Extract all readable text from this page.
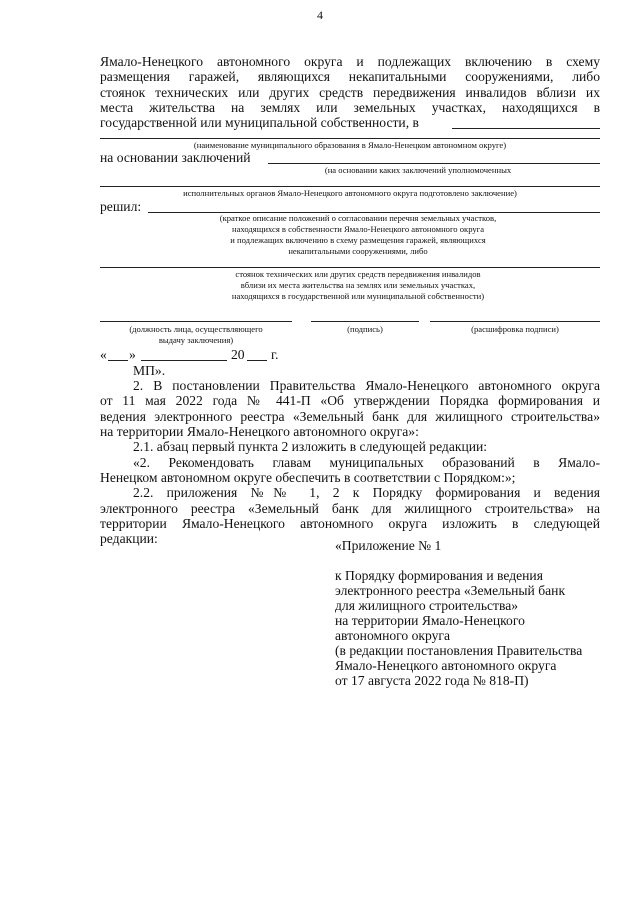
4
Ямало-Ненецкого автономного округа и подлежащих включению в схему
размещения гаражей, являющихся некапитальными сооружениями, либо
стоянок технических или других средств передвижения инвалидов вблизи их
места жительства на землях или земельных участках, находящихся в
государственной или муниципальной собственности, в
(наименование муниципального образования в Ямало-Ненецком автономном округе)
на основании заключений
(на основании каких заключений уполномоченных
исполнительных органов Ямало-Ненецкого автономного округа подготовлено заключение)
решил:
(краткое описание положений о согласовании перечня земельных участков,
находящихся в собственности Ямало-Ненецкого автономного округа
и подлежащих включению в схему размещения гаражей, являющихся
некапитальными сооружениями, либо
стоянок технических или других средств передвижения инвалидов
вблизи их места жительства на землях или земельных участках,
находящихся в государственной или муниципальной собственности)
(должность лица, осуществляющего
выдачу заключения)
(подпись)	(расшифровка подписи)
« »	20 г.
МП».
2. В постановлении Правительства Ямало-Ненецкого автономного округа
от 11 мая 2022 года № 441-П «Об утверждении Порядка формирования и
ведения электронного реестра «Земельный банк для жилищного строительства»
на территории Ямало-Ненецкого автономного округа»:
2.1. абзац первый пункта 2 изложить в следующей редакции:
«2. Рекомендовать главам муниципальных образований в Ямало-
Ненецком автономном округе обеспечить в соответствии с Порядком:»;
2.2. приложения №№ 1, 2 к Порядку формирования и ведения
электронного реестра «Земельный банк для жилищного строительства» на
территории Ямало-Ненецкого автономного округа изложить в следующей
редакции:	«Приложение № 1
к Порядку формирования и ведения
электронного реестра «Земельный банк
для жилищного строительства»
на территории Ямало-Ненецкого
автономного округа
(в редакции постановления Правительства
Ямало-Ненецкого автономного округа
от 17 августа 2022 года № 818-П)
